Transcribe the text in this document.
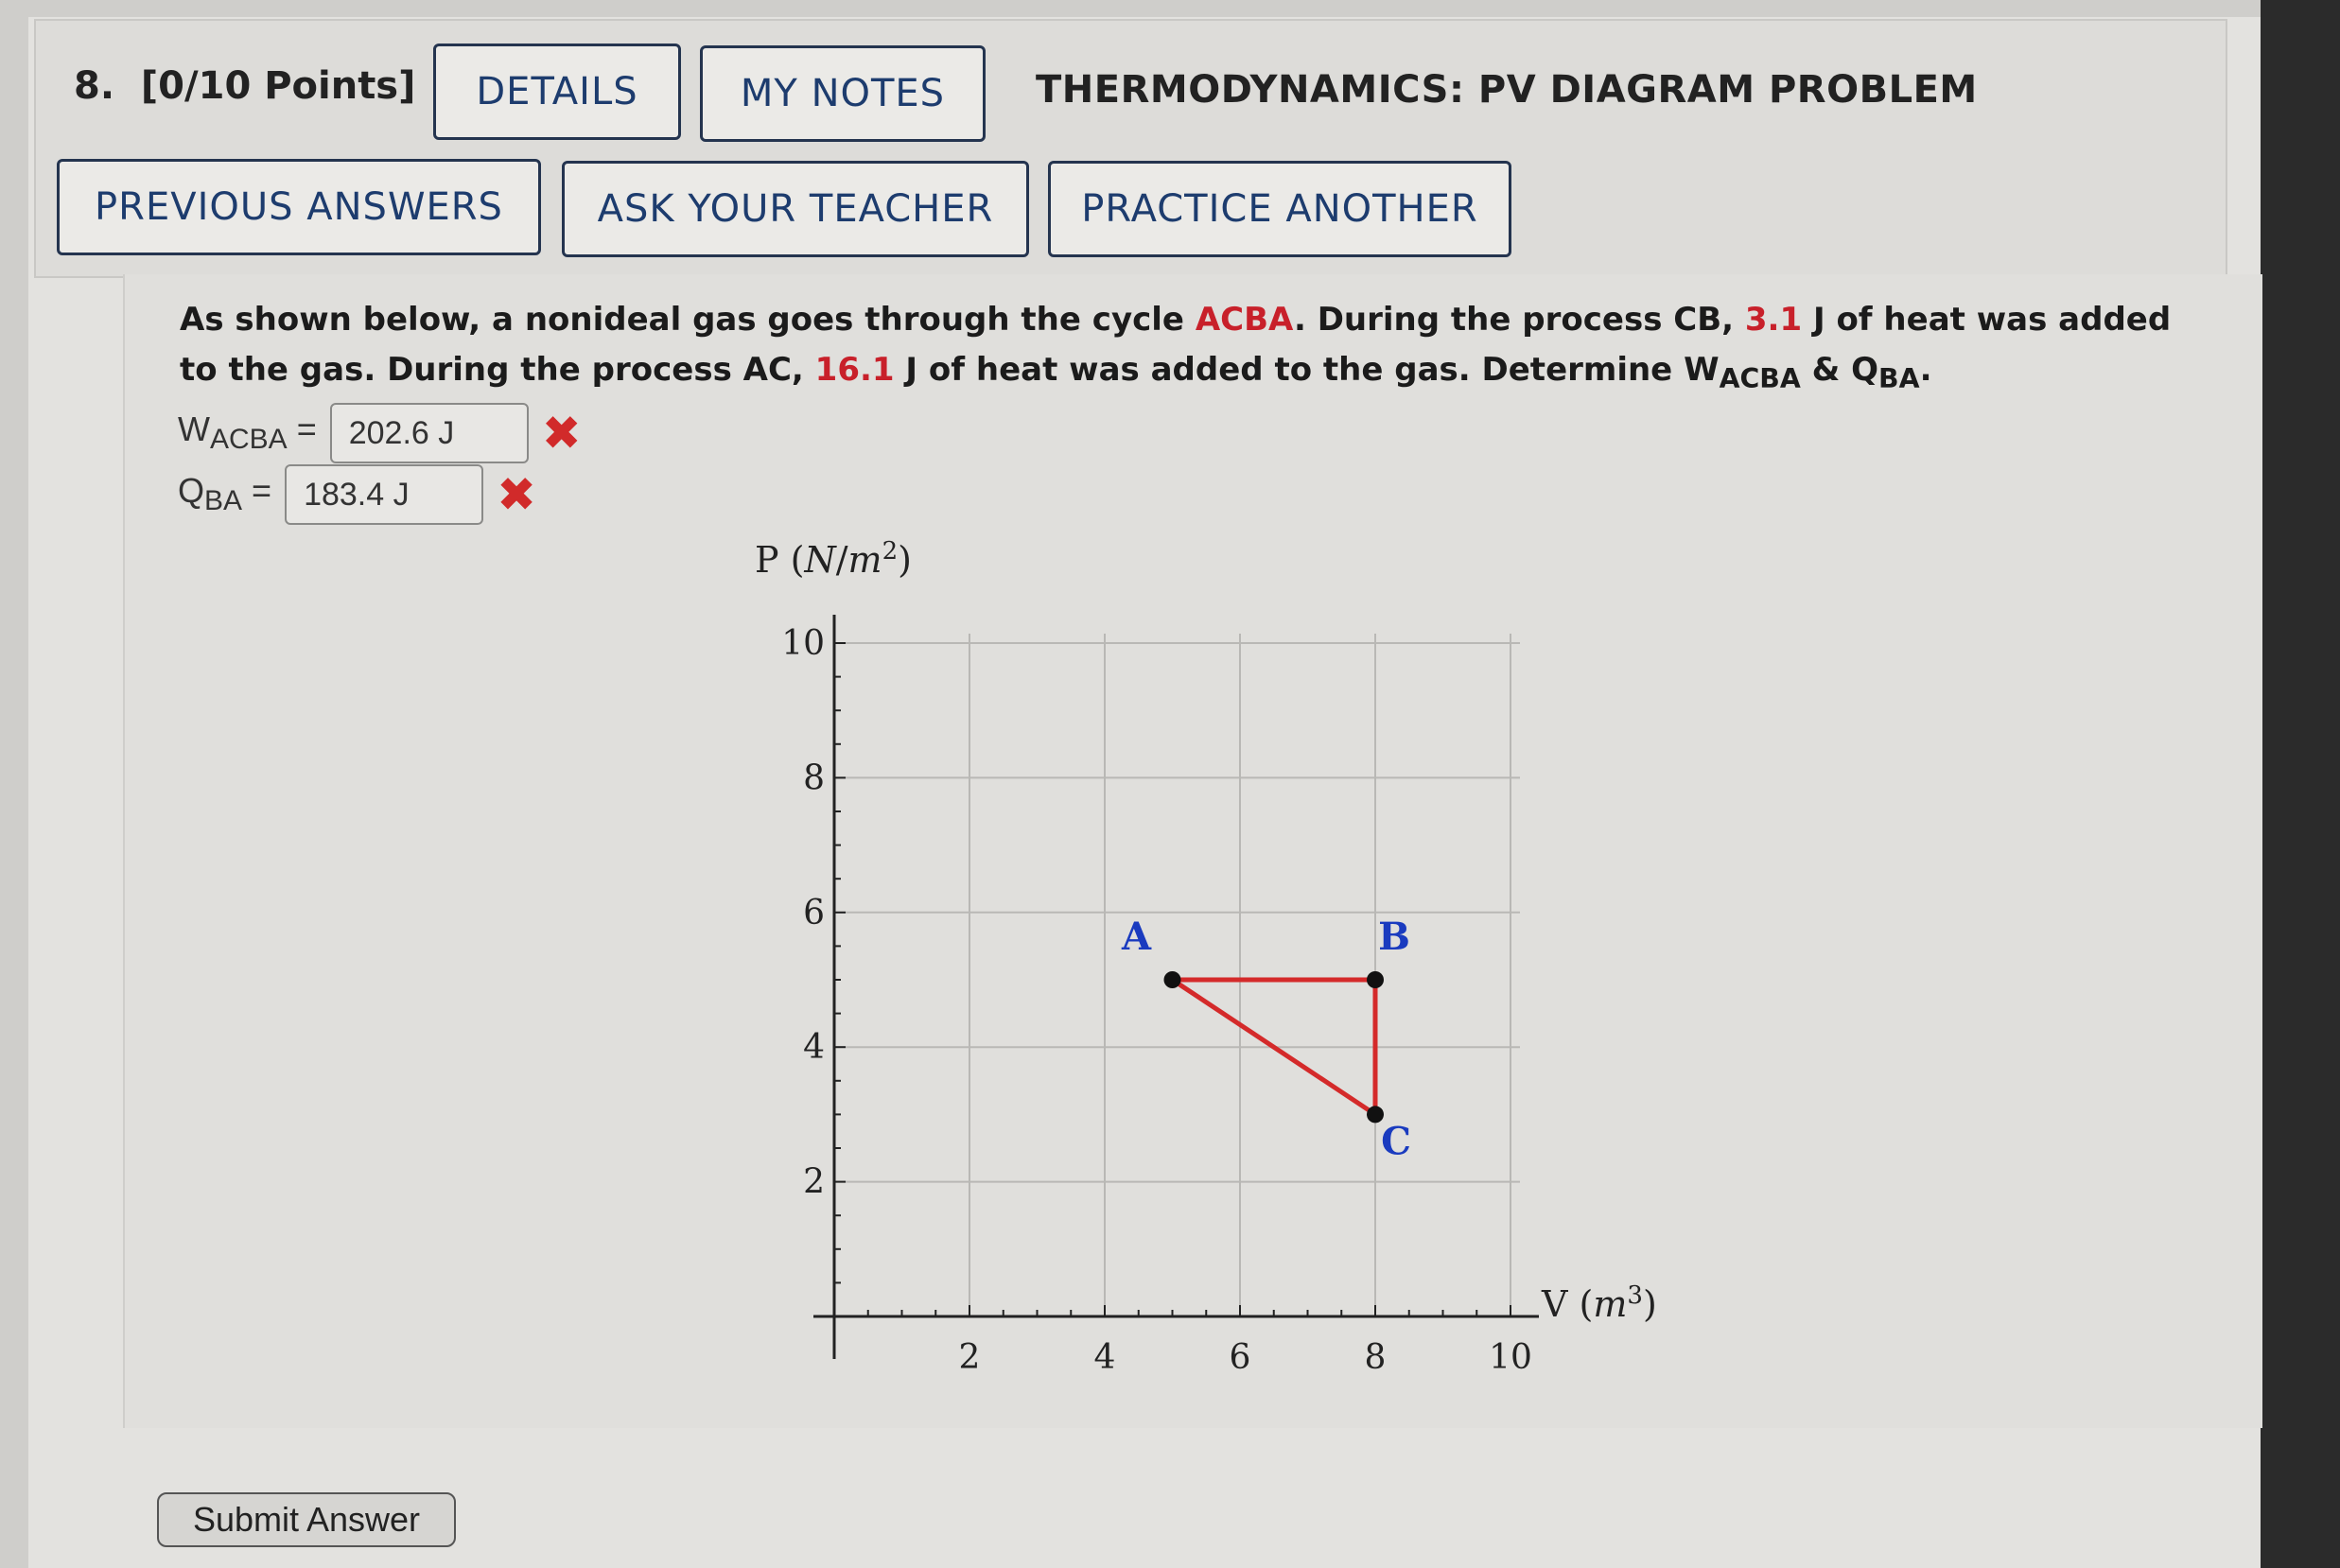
8. [0/10 Points]	DETAILS	MY NOTES	THERMODYNAMICS: PV DIAGRAM PROBLEM
PREVIOUS ANSWERS	ASK YOUR TEACHER	PRACTICE ANOTHER
As shown below, a nonideal gas goes through the cycle ACBA. During the process CB, 3.1 J of heat was added to the gas. During the process AC, 16.1 J of heat was added to the gas. Determine $W_{ACBA}$ & $Q_{BA}$.
$W_{ACBA}$ =	202.6 J	✖
$Q_{BA}$ =	183.4 J	✖
P $(N/m^2)$
V $(m^3)$
2	4	6	8	10
2
4
6
8
10
A	B
C
Submit Answer
